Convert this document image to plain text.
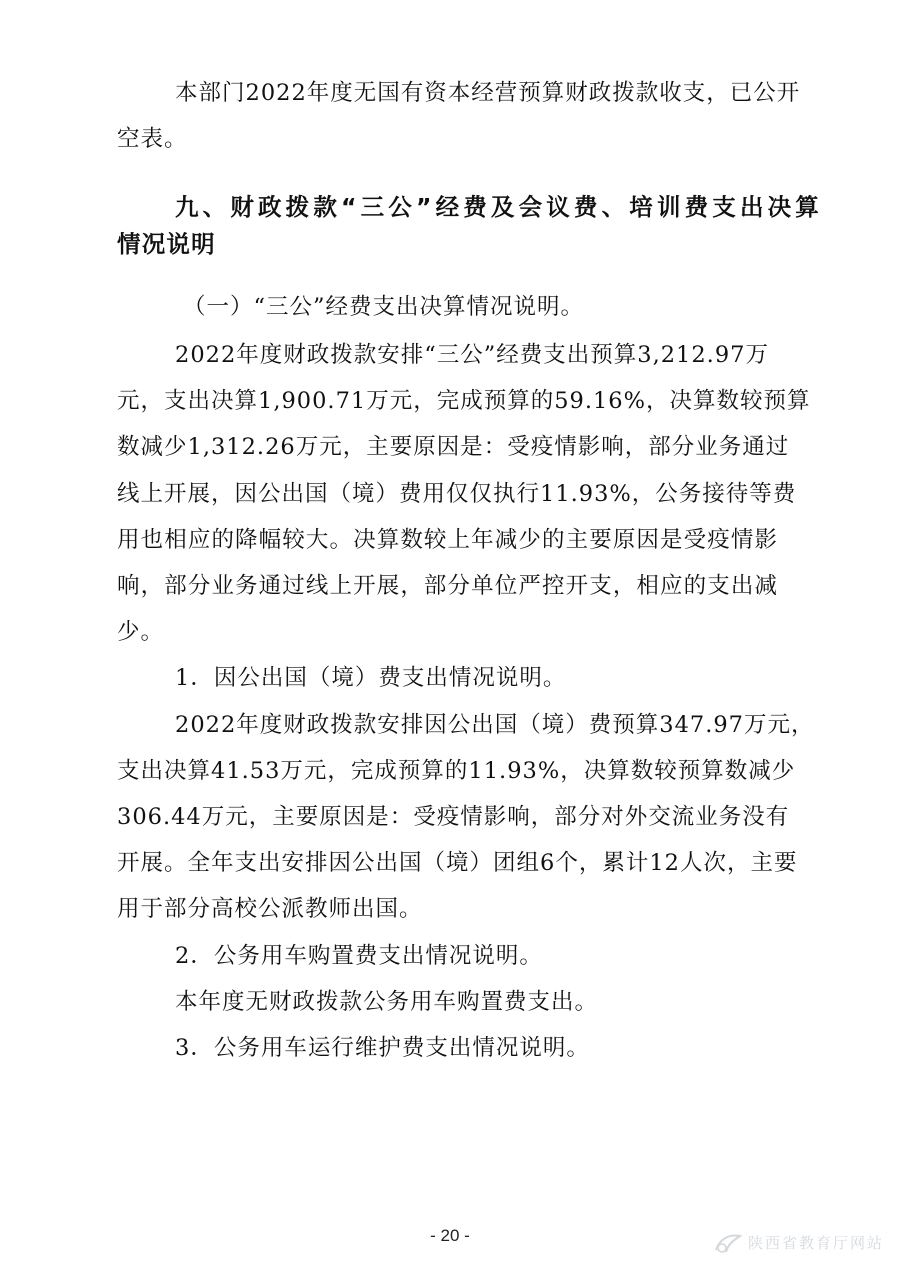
本部门2022年度无国有资本经营预算财政拨款收支，已公开

空表。

九、财政拨款“三公”经费及会议费、培训费支出决算

情况说明

（一）“三公”经费支出决算情况说明。

2022年度财政拨款安排“三公”经费支出预算3,212.97万

元，支出决算1,900.71万元，完成预算的59.16%，决算数较预算

数减少1,312.26万元，主要原因是：受疫情影响，部分业务通过

线上开展，因公出国（境）费用仅仅执行11.93%，公务接待等费

用也相应的降幅较大。决算数较上年减少的主要原因是受疫情影

响，部分业务通过线上开展，部分单位严控开支，相应的支出减

少。

1．因公出国（境）费支出情况说明。

2022年度财政拨款安排因公出国（境）费预算347.97万元，

支出决算41.53万元，完成预算的11.93%，决算数较预算数减少

306.44万元，主要原因是：受疫情影响，部分对外交流业务没有

开展。全年支出安排因公出国（境）团组6个，累计12人次，主要

用于部分高校公派教师出国。

2．公务用车购置费支出情况说明。

本年度无财政拨款公务用车购置费支出。

3．公务用车运行维护费支出情况说明。

- 20 -	陕西省教育厅网站
